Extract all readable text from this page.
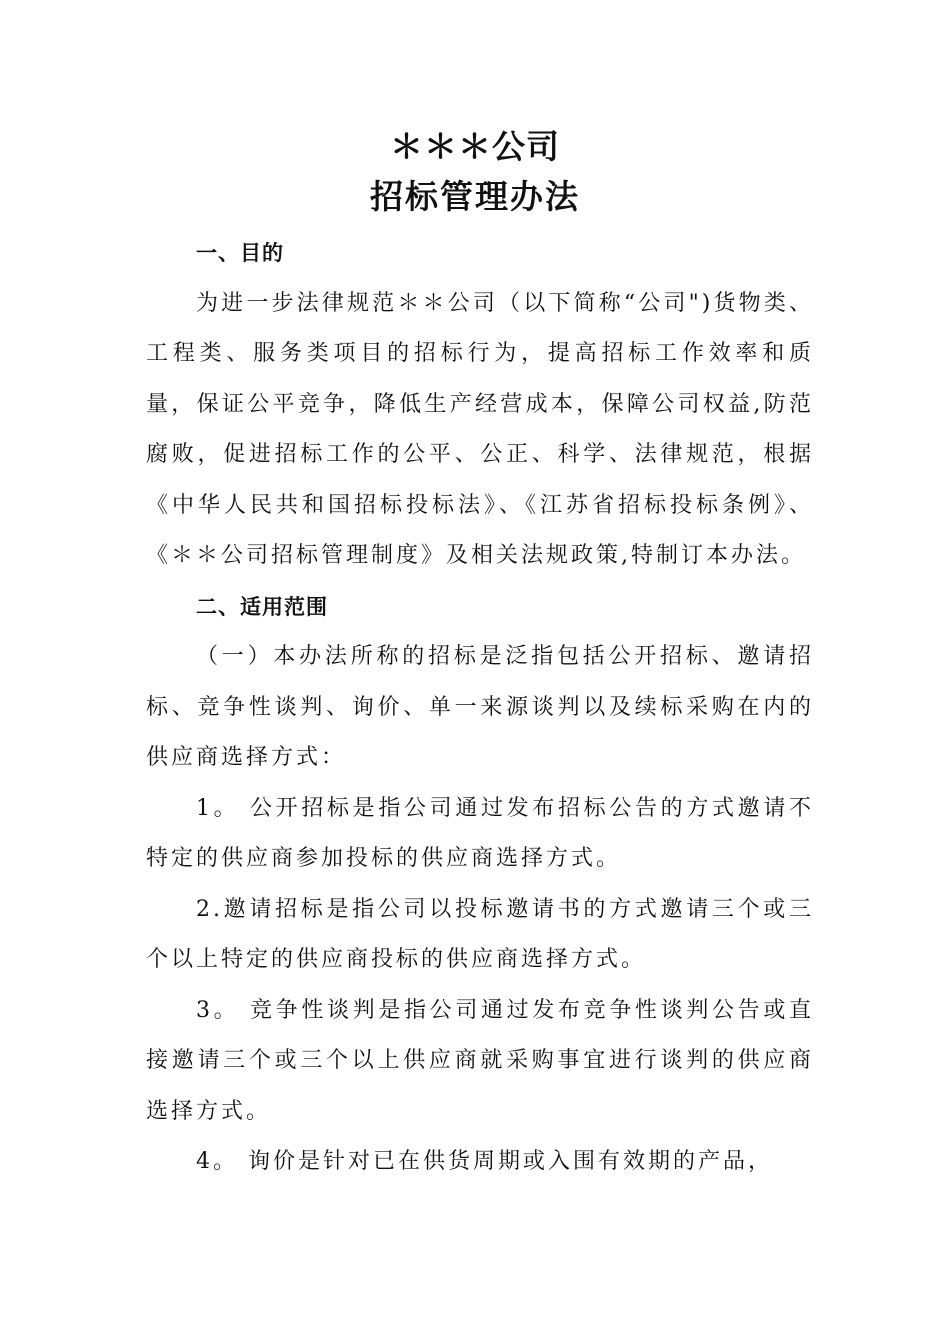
＊＊＊公司
招标管理办法

一、目的

为进一步法律规范＊＊公司（以下简称“公司")货物类、工程类、服务类项目的招标行为，提高招标工作效率和质量，保证公平竞争，降低生产经营成本，保障公司权益,防范腐败，促进招标工作的公平、公正、科学、法律规范，根据《中华人民共和国招标投标法》、《江苏省招标投标条例》、《＊＊公司招标管理制度》及相关法规政策,特制订本办法。

二、适用范围

（一）本办法所称的招标是泛指包括公开招标、邀请招标、竞争性谈判、询价、单一来源谈判以及续标采购在内的供应商选择方式：

1。 公开招标是指公司通过发布招标公告的方式邀请不特定的供应商参加投标的供应商选择方式。

2.邀请招标是指公司以投标邀请书的方式邀请三个或三个以上特定的供应商投标的供应商选择方式。

3。 竞争性谈判是指公司通过发布竞争性谈判公告或直接邀请三个或三个以上供应商就采购事宜进行谈判的供应商选择方式。

4。 询价是针对已在供货周期或入围有效期的产品，
